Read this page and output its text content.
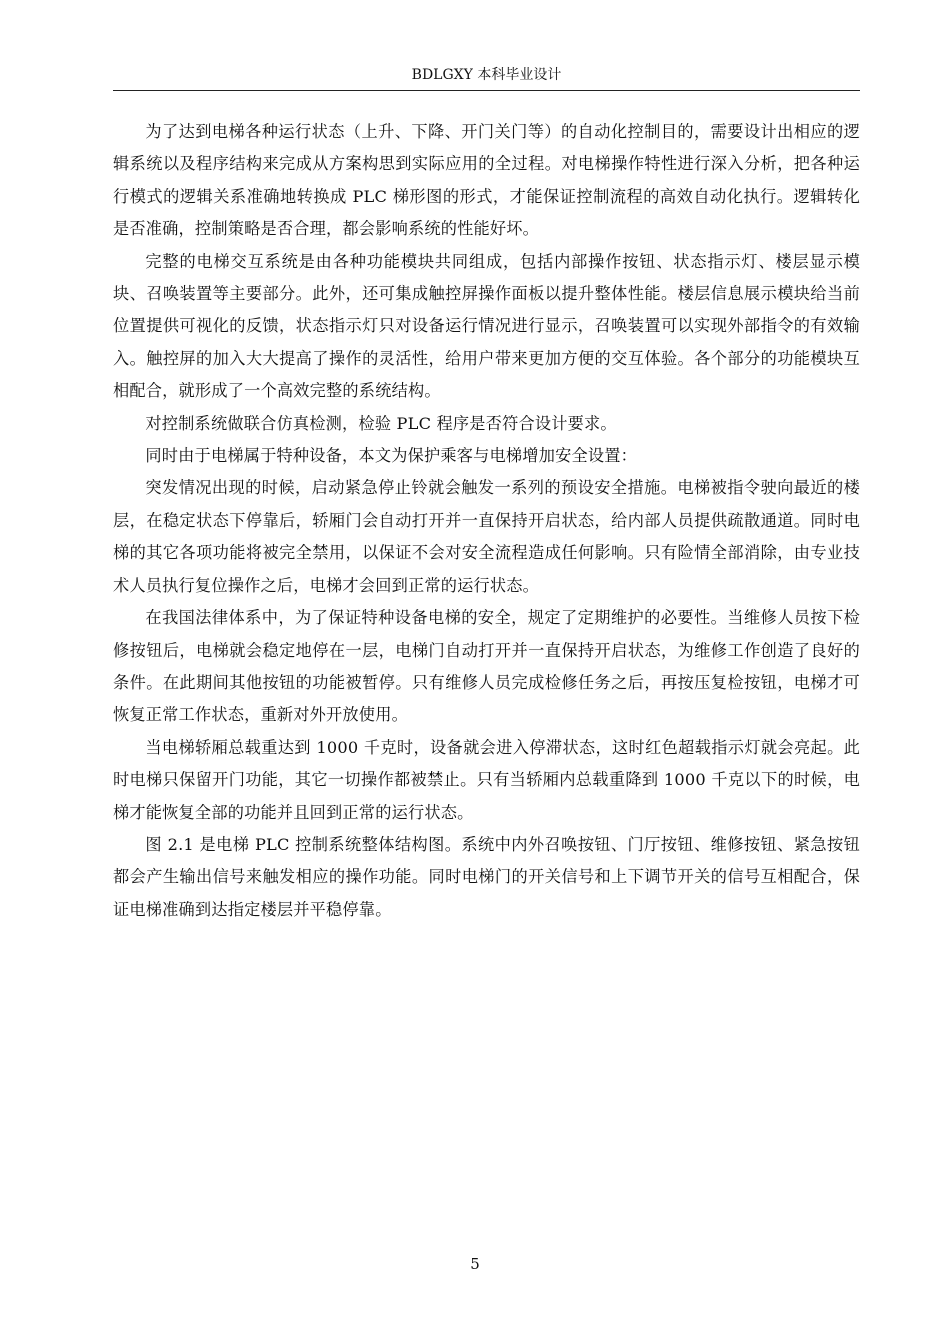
BDLGXY 本科毕业设计

为了达到电梯各种运行状态（上升、下降、开门关门等）的自动化控制目的，需要设计出相应的逻辑系统以及程序结构来完成从方案构思到实际应用的全过程。对电梯操作特性进行深入分析，把各种运行模式的逻辑关系准确地转换成 PLC 梯形图的形式，才能保证控制流程的高效自动化执行。逻辑转化是否准确，控制策略是否合理，都会影响系统的性能好坏。

完整的电梯交互系统是由各种功能模块共同组成，包括内部操作按钮、状态指示灯、楼层显示模块、召唤装置等主要部分。此外，还可集成触控屏操作面板以提升整体性能。楼层信息展示模块给当前位置提供可视化的反馈，状态指示灯只对设备运行情况进行显示，召唤装置可以实现外部指令的有效输入。触控屏的加入大大提高了操作的灵活性，给用户带来更加方便的交互体验。各个部分的功能模块互相配合，就形成了一个高效完整的系统结构。

对控制系统做联合仿真检测，检验 PLC 程序是否符合设计要求。

同时由于电梯属于特种设备，本文为保护乘客与电梯增加安全设置：

突发情况出现的时候，启动紧急停止铃就会触发一系列的预设安全措施。电梯被指令驶向最近的楼层，在稳定状态下停靠后，轿厢门会自动打开并一直保持开启状态，给内部人员提供疏散通道。同时电梯的其它各项功能将被完全禁用，以保证不会对安全流程造成任何影响。只有险情全部消除，由专业技术人员执行复位操作之后，电梯才会回到正常的运行状态。

在我国法律体系中，为了保证特种设备电梯的安全，规定了定期维护的必要性。当维修人员按下检修按钮后，电梯就会稳定地停在一层，电梯门自动打开并一直保持开启状态，为维修工作创造了良好的条件。在此期间其他按钮的功能被暂停。只有维修人员完成检修任务之后，再按压复检按钮，电梯才可恢复正常工作状态，重新对外开放使用。

当电梯轿厢总载重达到 1000 千克时，设备就会进入停滞状态，这时红色超载指示灯就会亮起。此时电梯只保留开门功能，其它一切操作都被禁止。只有当轿厢内总载重降到 1000 千克以下的时候，电梯才能恢复全部的功能并且回到正常的运行状态。

图 2.1 是电梯 PLC 控制系统整体结构图。系统中内外召唤按钮、门厅按钮、维修按钮、紧急按钮都会产生输出信号来触发相应的操作功能。同时电梯门的开关信号和上下调节开关的信号互相配合，保证电梯准确到达指定楼层并平稳停靠。

5
